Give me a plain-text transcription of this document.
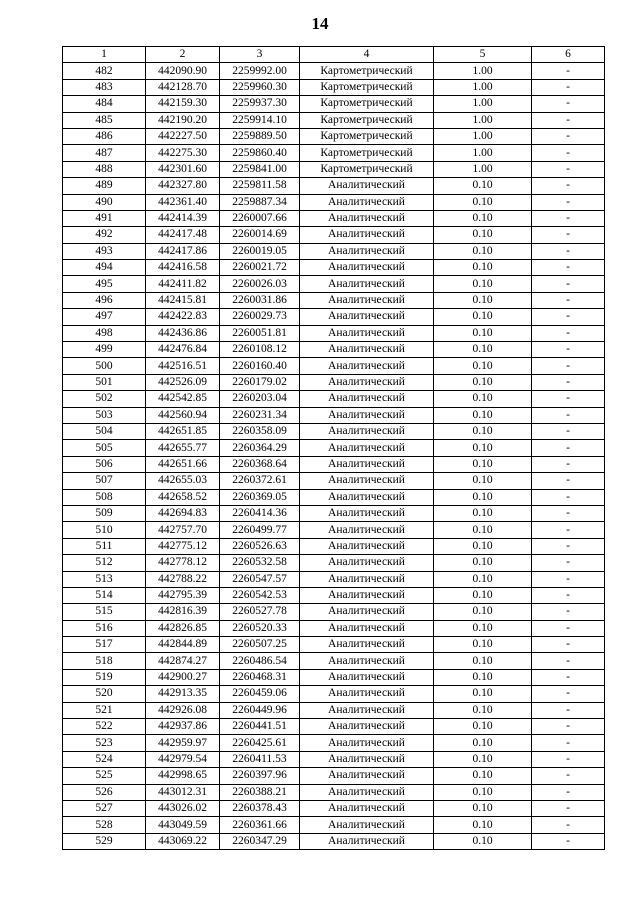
14
1	2	3	4	5	6
482	442090.90	2259992.00	Картометрический	1.00	-
483	442128.70	2259960.30	Картометрический	1.00	-
484	442159.30	2259937.30	Картометрический	1.00	-
485	442190.20	2259914.10	Картометрический	1.00	-
486	442227.50	2259889.50	Картометрический	1.00	-
487	442275.30	2259860.40	Картометрический	1.00	-
488	442301.60	2259841.00	Картометрический	1.00	-
489	442327.80	2259811.58	Аналитический	0.10	-
490	442361.40	2259887.34	Аналитический	0.10	-
491	442414.39	2260007.66	Аналитический	0.10	-
492	442417.48	2260014.69	Аналитический	0.10	-
493	442417.86	2260019.05	Аналитический	0.10	-
494	442416.58	2260021.72	Аналитический	0.10	-
495	442411.82	2260026.03	Аналитический	0.10	-
496	442415.81	2260031.86	Аналитический	0.10	-
497	442422.83	2260029.73	Аналитический	0.10	-
498	442436.86	2260051.81	Аналитический	0.10	-
499	442476.84	2260108.12	Аналитический	0.10	-
500	442516.51	2260160.40	Аналитический	0.10	-
501	442526.09	2260179.02	Аналитический	0.10	-
502	442542.85	2260203.04	Аналитический	0.10	-
503	442560.94	2260231.34	Аналитический	0.10	-
504	442651.85	2260358.09	Аналитический	0.10	-
505	442655.77	2260364.29	Аналитический	0.10	-
506	442651.66	2260368.64	Аналитический	0.10	-
507	442655.03	2260372.61	Аналитический	0.10	-
508	442658.52	2260369.05	Аналитический	0.10	-
509	442694.83	2260414.36	Аналитический	0.10	-
510	442757.70	2260499.77	Аналитический	0.10	-
511	442775.12	2260526.63	Аналитический	0.10	-
512	442778.12	2260532.58	Аналитический	0.10	-
513	442788.22	2260547.57	Аналитический	0.10	-
514	442795.39	2260542.53	Аналитический	0.10	-
515	442816.39	2260527.78	Аналитический	0.10	-
516	442826.85	2260520.33	Аналитический	0.10	-
517	442844.89	2260507.25	Аналитический	0.10	-
518	442874.27	2260486.54	Аналитический	0.10	-
519	442900.27	2260468.31	Аналитический	0.10	-
520	442913.35	2260459.06	Аналитический	0.10	-
521	442926.08	2260449.96	Аналитический	0.10	-
522	442937.86	2260441.51	Аналитический	0.10	-
523	442959.97	2260425.61	Аналитический	0.10	-
524	442979.54	2260411.53	Аналитический	0.10	-
525	442998.65	2260397.96	Аналитический	0.10	-
526	443012.31	2260388.21	Аналитический	0.10	-
527	443026.02	2260378.43	Аналитический	0.10	-
528	443049.59	2260361.66	Аналитический	0.10	-
529	443069.22	2260347.29	Аналитический	0.10	-
